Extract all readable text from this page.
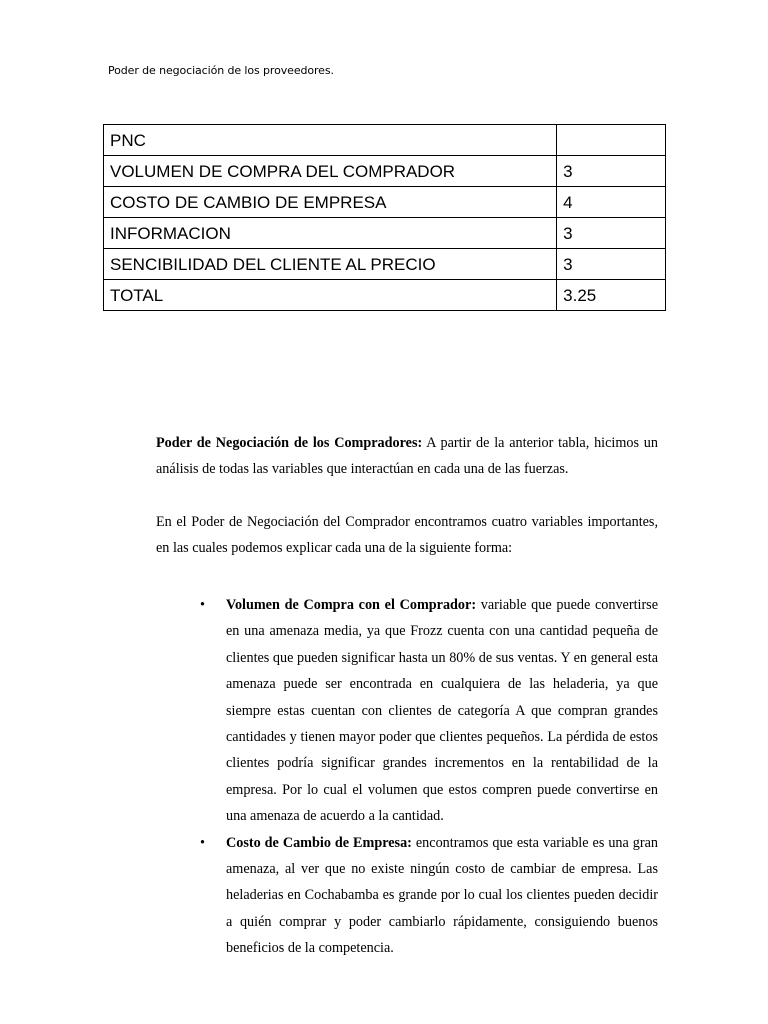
Poder de negociación de los proveedores.
PNC	
VOLUMEN DE COMPRA DEL COMPRADOR	3
COSTO DE CAMBIO DE EMPRESA	4
INFORMACION	3
SENCIBILIDAD DEL CLIENTE AL PRECIO	3
TOTAL	3.25
Poder de Negociación de los Compradores: A partir de la anterior tabla, hicimos un análisis de todas las variables que interactúan en cada una de las fuerzas.
En el Poder de Negociación del Comprador encontramos cuatro variables importantes, en las cuales podemos explicar cada una de la siguiente forma:
• Volumen de Compra con el Comprador: variable que puede convertirse en una amenaza media, ya que Frozz cuenta con una cantidad pequeña de clientes que pueden significar hasta un 80% de sus ventas. Y en general esta amenaza puede ser encontrada en cualquiera de las heladeria, ya que siempre estas cuentan con clientes de categoría A que compran grandes cantidades y tienen mayor poder que clientes pequeños. La pérdida de estos clientes podría significar grandes incrementos en la rentabilidad de la empresa. Por lo cual el volumen que estos compren puede convertirse en una amenaza de acuerdo a la cantidad.
• Costo de Cambio de Empresa: encontramos que esta variable es una gran amenaza, al ver que no existe ningún costo de cambiar de empresa. Las heladerias en Cochabamba es grande por lo cual los clientes pueden decidir a quién comprar y poder cambiarlo rápidamente, consiguiendo buenos beneficios de la competencia.
